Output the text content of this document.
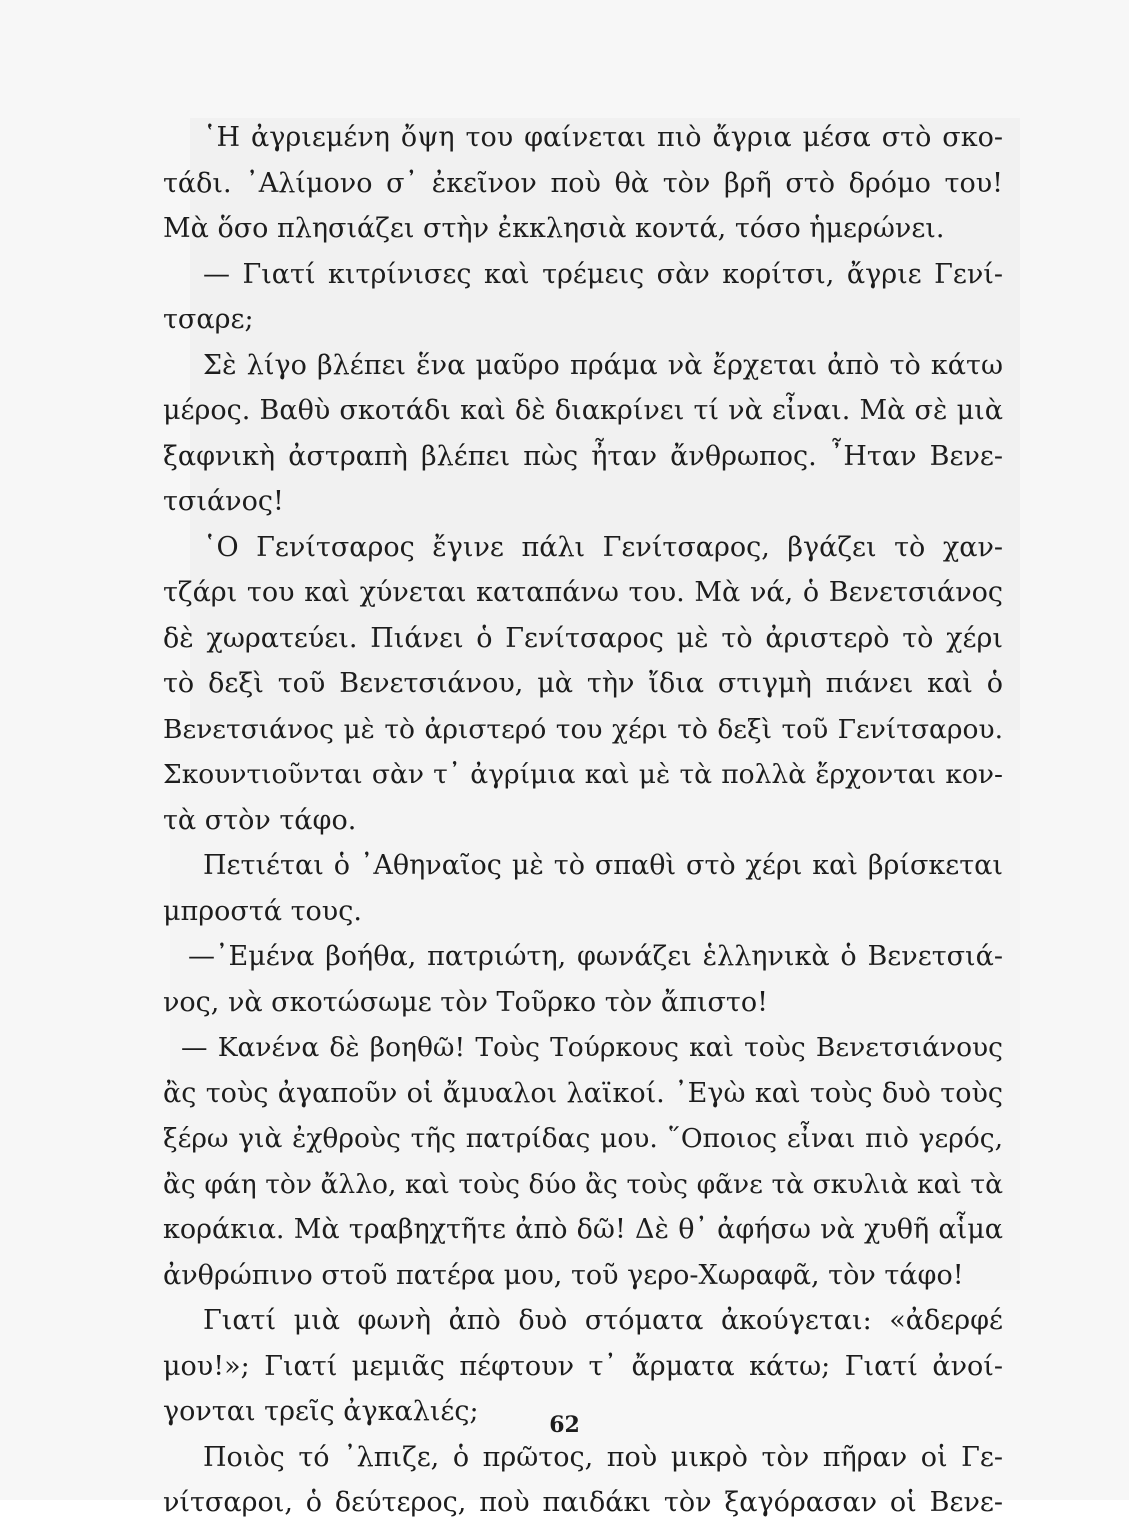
῾Η ἀγριεμένη ὄψη του φαίνεται πιὸ ἄγρια μέσα στὸ σκο-
τάδι. ᾿Αλίμονο σ᾿ ἐκεῖνον ποὺ θὰ τὸν βρῆ στὸ δρόμο του!
Μὰ ὅσο πλησιάζει στὴν ἐκκλησιὰ κοντά, τόσο ἡμερώνει.
— Γιατί κιτρίνισες καὶ τρέμεις σὰν κορίτσι, ἄγριε Γενί-
τσαρε;
Σὲ λίγο βλέπει ἕνα μαῦρο πράμα νὰ ἔρχεται ἀπὸ τὸ κάτω
μέρος. Βαθὺ σκοτάδι καὶ δὲ διακρίνει τί νὰ εἶναι. Μὰ σὲ μιὰ
ξαφνικὴ ἀστραπὴ βλέπει πὼς ἦταν ἄνθρωπος. ῏Ηταν Βενε-
τσιάνος!
῾Ο Γενίτσαρος ἔγινε πάλι Γενίτσαρος, βγάζει τὸ χαν-
τζάρι του καὶ χύνεται καταπάνω του. Μὰ νά, ὁ Βενετσιάνος
δὲ χωρατεύει. Πιάνει ὁ Γενίτσαρος μὲ τὸ ἀριστερὸ τὸ χέρι
τὸ δεξὶ τοῦ Βενετσιάνου, μὰ τὴν ἴδια στιγμὴ πιάνει καὶ ὁ
Βενετσιάνος μὲ τὸ ἀριστερό του χέρι τὸ δεξὶ τοῦ Γενίτσαρου.
Σκουντιοῦνται σὰν τ᾿ ἀγρίμια καὶ μὲ τὰ πολλὰ ἔρχονται κον-
τὰ στὸν τάφο.
Πετιέται ὁ ᾿Αθηναῖος μὲ τὸ σπαθὶ στὸ χέρι καὶ βρίσκεται
μπροστά τους.
—᾿Εμένα βοήθα, πατριώτη, φωνάζει ἑλληνικὰ ὁ Βενετσιά-
νος, νὰ σκοτώσωμε τὸν Τοῦρκο τὸν ἄπιστο!
— Κανένα δὲ βοηθῶ! Τοὺς Τούρκους καὶ τοὺς Βενετσιάνους
ἂς τοὺς ἀγαποῦν οἱ ἄμυαλοι λαϊκοί. ᾿Εγὼ καὶ τοὺς δυὸ τοὺς
ξέρω γιὰ ἐχθροὺς τῆς πατρίδας μου. ῞Οποιος εἶναι πιὸ γερός,
ἂς φάη τὸν ἄλλο, καὶ τοὺς δύο ἂς τοὺς φᾶνε τὰ σκυλιὰ καὶ τὰ
κοράκια. Μὰ τραβηχτῆτε ἀπὸ δῶ! Δὲ θ᾿ ἀφήσω νὰ χυθῆ αἷμα
ἀνθρώπινο στοῦ πατέρα μου, τοῦ γερο-Χωραφᾶ, τὸν τάφο!
Γιατί μιὰ φωνὴ ἀπὸ δυὸ στόματα ἀκούγεται: «ἀδερφέ
μου!»; Γιατί μεμιᾶς πέφτουν τ᾿ ἄρματα κάτω; Γιατί ἀνοί-
γονται τρεῖς ἀγκαλιές;
Ποιὸς τό ᾿λπιζε, ὁ πρῶτος, ποὺ μικρὸ τὸν πῆραν οἱ Γε-
νίτσαροι, ὁ δεύτερος, ποὺ παιδάκι τὸν ξαγόρασαν οἱ Βενε-
62
